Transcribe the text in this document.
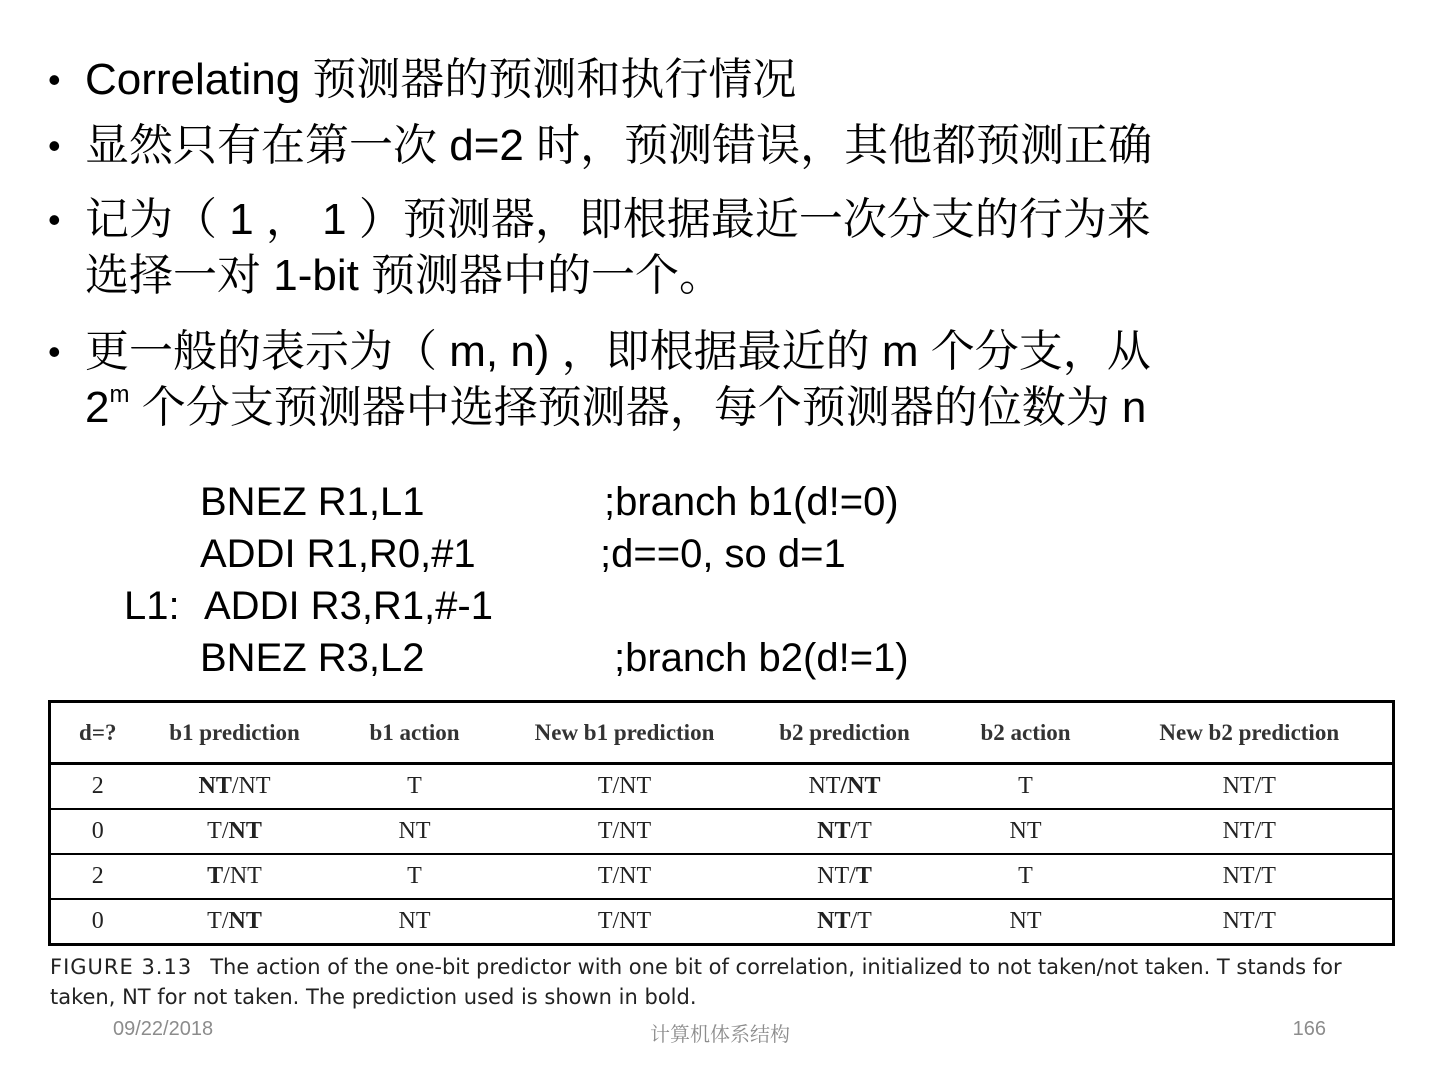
• Correlating 预测器的预测和执行情况
• 显然只有在第一次 d=2 时，预测错误，其他都预测正确
• 记为（ 1 ， 1 ）预测器，即根据最近一次分支的行为来
选择一对 1-bit 预测器中的一个。
• 更一般的表示为（ m, n) ，即根据最近的 m 个分支，从
2$^m$ 个分支预测器中选择预测器，每个预测器的位数为 n

BNEZ R1,L1

	;branch b1(d!=0)

ADDI R1,R0,#1

	;d==0, so d=1

L1:

ADDI R3,R1,#-1

BNEZ R3,L2

	;branch b2(d!=1)

d=?	b1 prediction	b1 action	New b1 prediction	b2 prediction	b2 action	New b2 prediction
2	NT/NT	T	T/NT	NT/NT	T	NT/T
0	T/NT	NT	T/NT	NT/T	NT	NT/T
2	T/NT	T	T/NT	NT/T	T	NT/T
0	T/NT	NT	T/NT	NT/T	NT	NT/T
FIGURE 3.13 The action of the one-bit predictor with one bit of correlation, initialized to not taken/not taken. T stands for taken, NT for not taken. The prediction used is shown in bold.
09/22/2018	计算机体系结构	166
